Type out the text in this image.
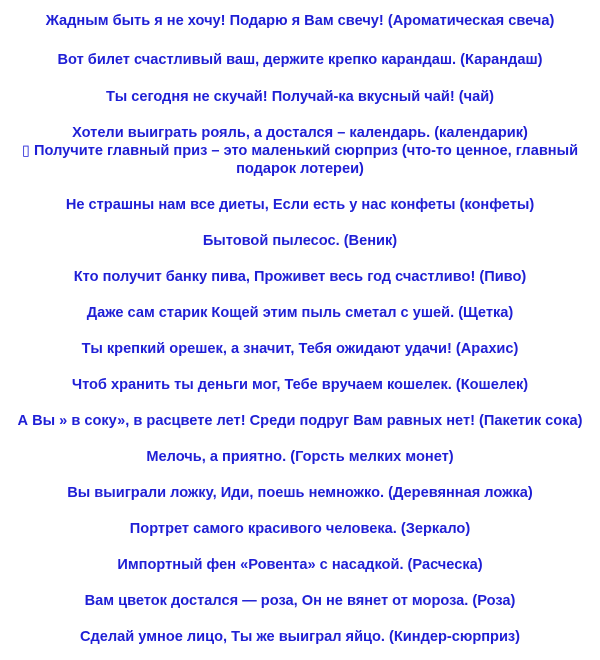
Жадным быть я не хочу! Подарю я Вам свечу! (Ароматическая свеча)
Вот билет счастливый ваш, держите крепко карандаш. (Карандаш)
Ты сегодня не скучай! Получай-ка вкусный чай! (чай)
Хотели выиграть рояль, а достался – календарь. (календарик)
▯ Получите главный приз – это маленький сюрприз (что-то ценное, главный
подарок лотереи)
Не страшны нам все диеты, Если есть у нас конфеты (конфеты)
Бытовой пылесос. (Веник)
Кто получит банку пива, Проживет весь год счастливо! (Пиво)
Даже сам старик Кощей этим пыль сметал с ушей. (Щетка)
Ты крепкий орешек, а значит, Тебя ожидают удачи! (Арахис)
Чтоб хранить ты деньги мог, Тебе вручаем кошелек. (Кошелек)
А Вы » в соку», в расцвете лет! Среди подруг Вам равных нет! (Пакетик сока)
Мелочь, а приятно. (Горсть мелких монет)
Вы выиграли ложку, Иди, поешь немножко. (Деревянная ложка)
Портрет самого красивого человека. (Зеркало)
Импортный фен «Ровента» с насадкой. (Расческа)
Вам цветок достался — роза, Он не вянет от мороза. (Роза)
Сделай умное лицо, Ты же выиграл яйцо. (Киндер-сюрприз)
